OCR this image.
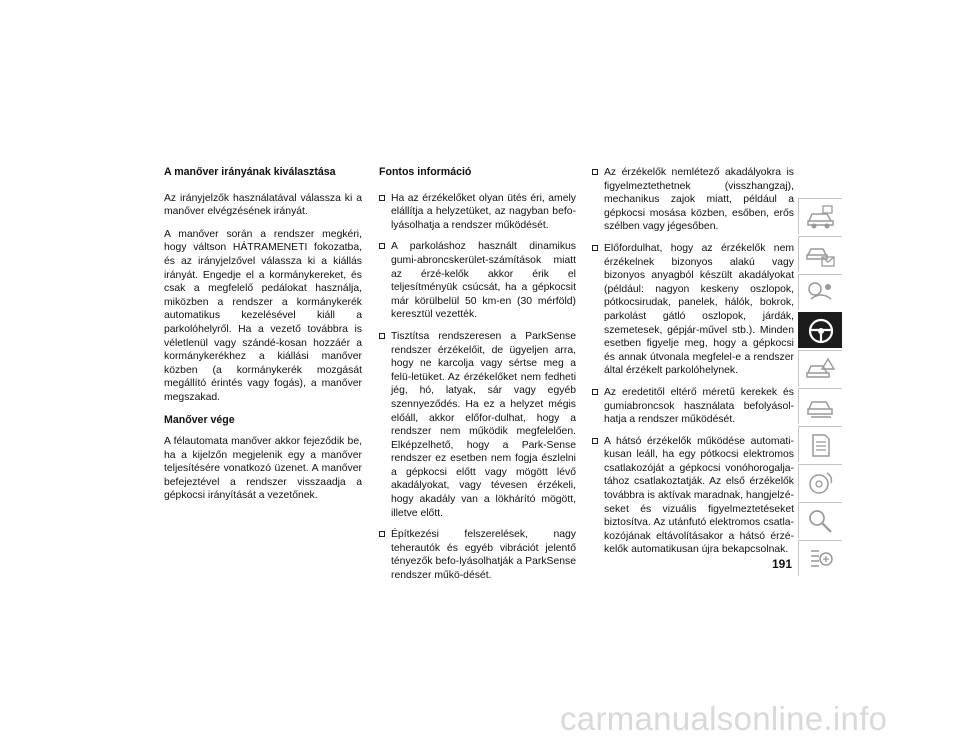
A manőver irányának kiválasztása

Az irányjelzők használatával válassza ki a manőver elvégzésének irányát.

A manőver során a rendszer megkéri, hogy váltson HÁTRAMENETI fokozatba, és az irányjelzővel válassza ki a kiállás irányát. Engedje el a kormánykereket, és csak a megfelelő pedálokat használja, miközben a rendszer a kormánykerék automatikus kezelésével kiáll a parkolóhelyről. Ha a vezető továbbra is véletlenül vagy szándé-kosan hozzáér a kormánykerékhez a kiállási manőver közben (a kormánykerék mozgását megállító érintés vagy fogás), a manőver megszakad.

Manőver vége

A félautomata manőver akkor fejeződik be, ha a kijelzőn megjelenik egy a manőver teljesítésére vonatkozó üzenet. A manőver befejeztével a rendszer visszaadja a gépkocsi irányítását a vezetőnek.

Fontos információ
Ha az érzékelőket olyan ütés éri, amely elállítja a helyzetüket, az nagyban befo-lyásolhatja a rendszer működését.
A parkoláshoz használt dinamikus gumi-abroncskerület-számítások miatt az érzé-kelők akkor érik el teljesítményük csúcsát, ha a gépkocsit már körülbelül 50 km-en (30 mérföld) keresztül vezették.
Tisztítsa rendszeresen a ParkSense rendszer érzékelőit, de ügyeljen arra, hogy ne karcolja vagy sértse meg a felü-letüket. Az érzékelőket nem fedheti jég, hó, latyak, sár vagy egyéb szennyeződés. Ha ez a helyzet mégis előáll, akkor előfor-dulhat, hogy a rendszer nem működik megfelelően. Elképzelhető, hogy a Park-Sense rendszer ez esetben nem fogja észlelni a gépkocsi előtt vagy mögött lévő akadályokat, vagy tévesen érzékeli, hogy akadály van a lökhárító mögött, illetve előtt.
Építkezési felszerelések, nagy teherautók és egyéb vibrációt jelentő tényezők befo-lyásolhatják a ParkSense rendszer műkö-dését.
Az érzékelők nemlétező akadályokra is figyelmeztethetnek (visszhangzaj), mechanikus zajok miatt, például a gépkocsi mosása közben, esőben, erős szélben vagy jégesőben.
Előfordulhat, hogy az érzékelők nem érzékelnek bizonyos alakú vagy bizonyos anyagból készült akadályokat (például: nagyon keskeny oszlopok, pótkocsirudak, panelek, hálók, bokrok, parkolást gátló oszlopok, járdák, szemetesek, gépjár-művel stb.). Minden esetben figyelje meg, hogy a gépkocsi és annak útvonala megfelel-e a rendszer által érzékelt parkolóhelynek.
Az eredetitől eltérő méretű kerekek és gumiabroncsok használata befolyásol-hatja a rendszer működését.
A hátsó érzékelők működése automati-kusan leáll, ha egy pótkocsi elektromos csatlakozóját a gépkocsi vonóhorogalja-tához csatlakoztatják. Az első érzékelők továbbra is aktívak maradnak, hangjelzé-seket és vizuális figyelmeztetéseket biztosítva. Az utánfutó elektromos csatla-kozójának eltávolításakor a hátsó érzé-kelők automatikusan újra bekapcsolnak.
191
carmanualsonline.info
